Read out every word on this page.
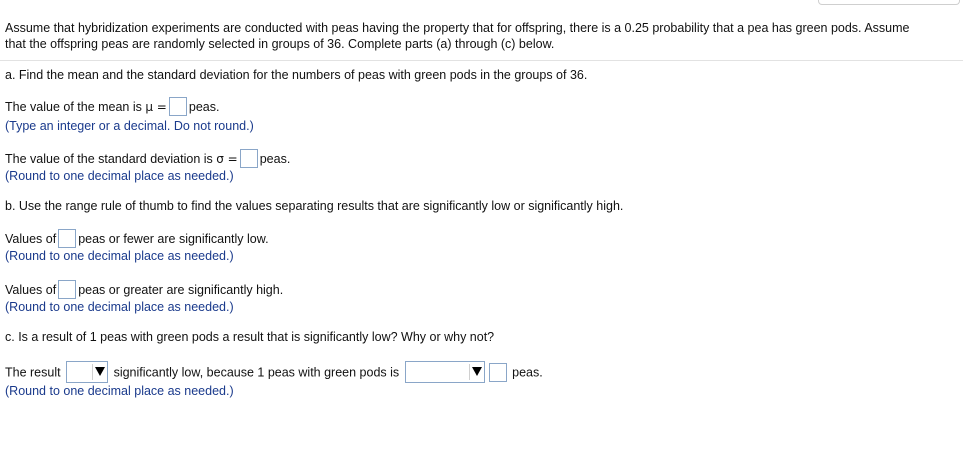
Assume that hybridization experiments are conducted with peas having the property that for offspring, there is a 0.25 probability that a pea has green pods. Assume
that the offspring peas are randomly selected in groups of 36. Complete parts (a) through (c) below.
a. Find the mean and the standard deviation for the numbers of peas with green pods in the groups of 36.
The value of the mean is μ = peas.
(Type an integer or a decimal. Do not round.)
The value of the standard deviation is σ = peas.
(Round to one decimal place as needed.)
b. Use the range rule of thumb to find the values separating results that are significantly low or significantly high.
Values of peas or fewer are significantly low.
(Round to one decimal place as needed.)
Values of peas or greater are significantly high.
(Round to one decimal place as needed.)
c. Is a result of 1 peas with green pods a result that is significantly low? Why or why not?
The result	significantly low, because 1 peas with green pods is	peas.
(Round to one decimal place as needed.)
